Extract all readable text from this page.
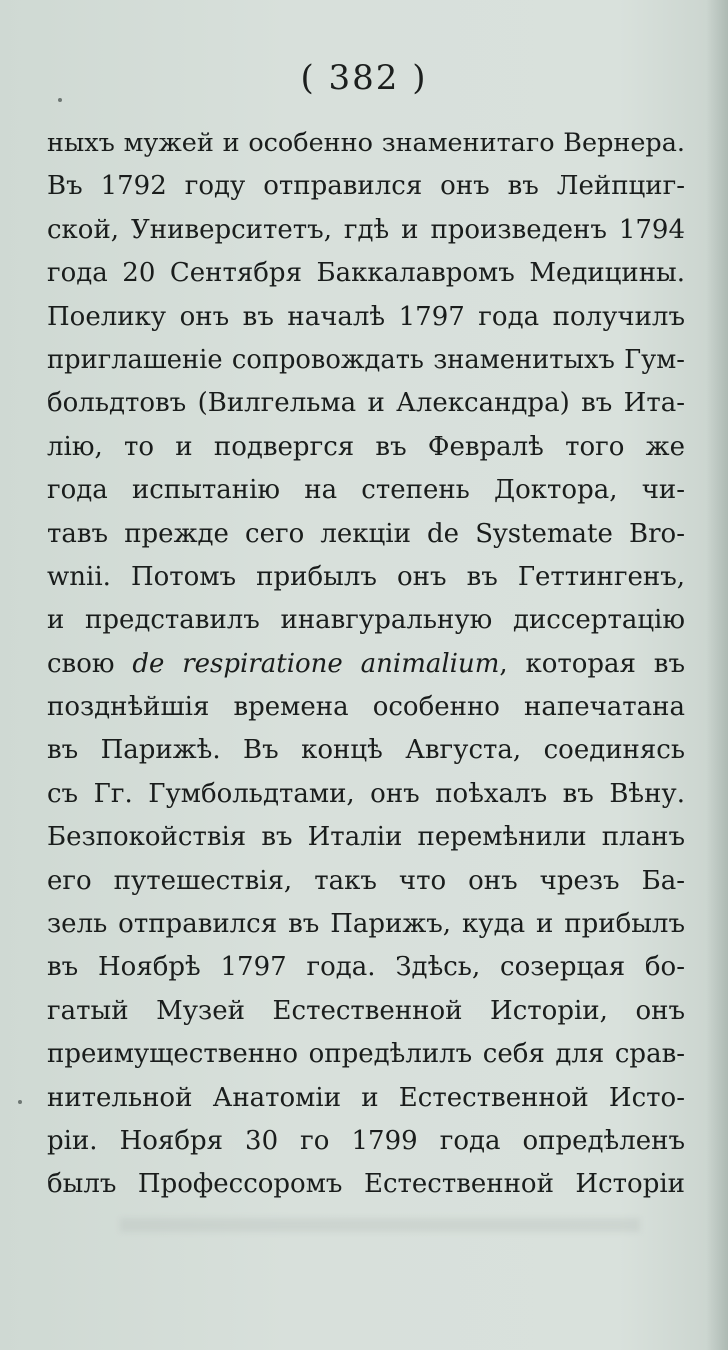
( 382 )
ныхъ мужей и особенно знаменитаго Вернера.
Въ 1792 году отправился онъ въ Лейпциг-
ской, Университетъ, гдѣ и произведенъ 1794
года 20 Сентября Баккалавромъ Медицины.
Поелику онъ въ началѣ 1797 года получилъ
приглашеніе сопровождать знаменитыхъ Гум-
больдтовъ (Вилгельма и Александра) въ Ита-
лію, то и подвергся въ Февралѣ того же
года испытанію на степень Доктора, чи-
тавъ прежде сего лекціи de Systemate Bro-
wnii. Потомъ прибылъ онъ въ Геттингенъ,
и представилъ инавгуральную диссертацію
свою de respiratione animalium, которая въ
позднѣйшія времена особенно напечатана
въ Парижѣ. Въ концѣ Августа, соединясь
съ Гг. Гумбольдтами, онъ поѣхалъ въ Вѣну.
Безпокойствія въ Италіи перемѣнили планъ
его путешествія, такъ что онъ чрезъ Ба-
зель отправился въ Парижъ, куда и прибылъ
въ Ноябрѣ 1797 года. Здѣсь, созерцая бо-
гатый Музей Естественной Исторіи, онъ
преимущественно опредѣлилъ себя для срав-
нительной Анатоміи и Естественной Исто-
ріи. Ноября 30 го 1799 года опредѣленъ
былъ Профессоромъ Естественной Исторіи
